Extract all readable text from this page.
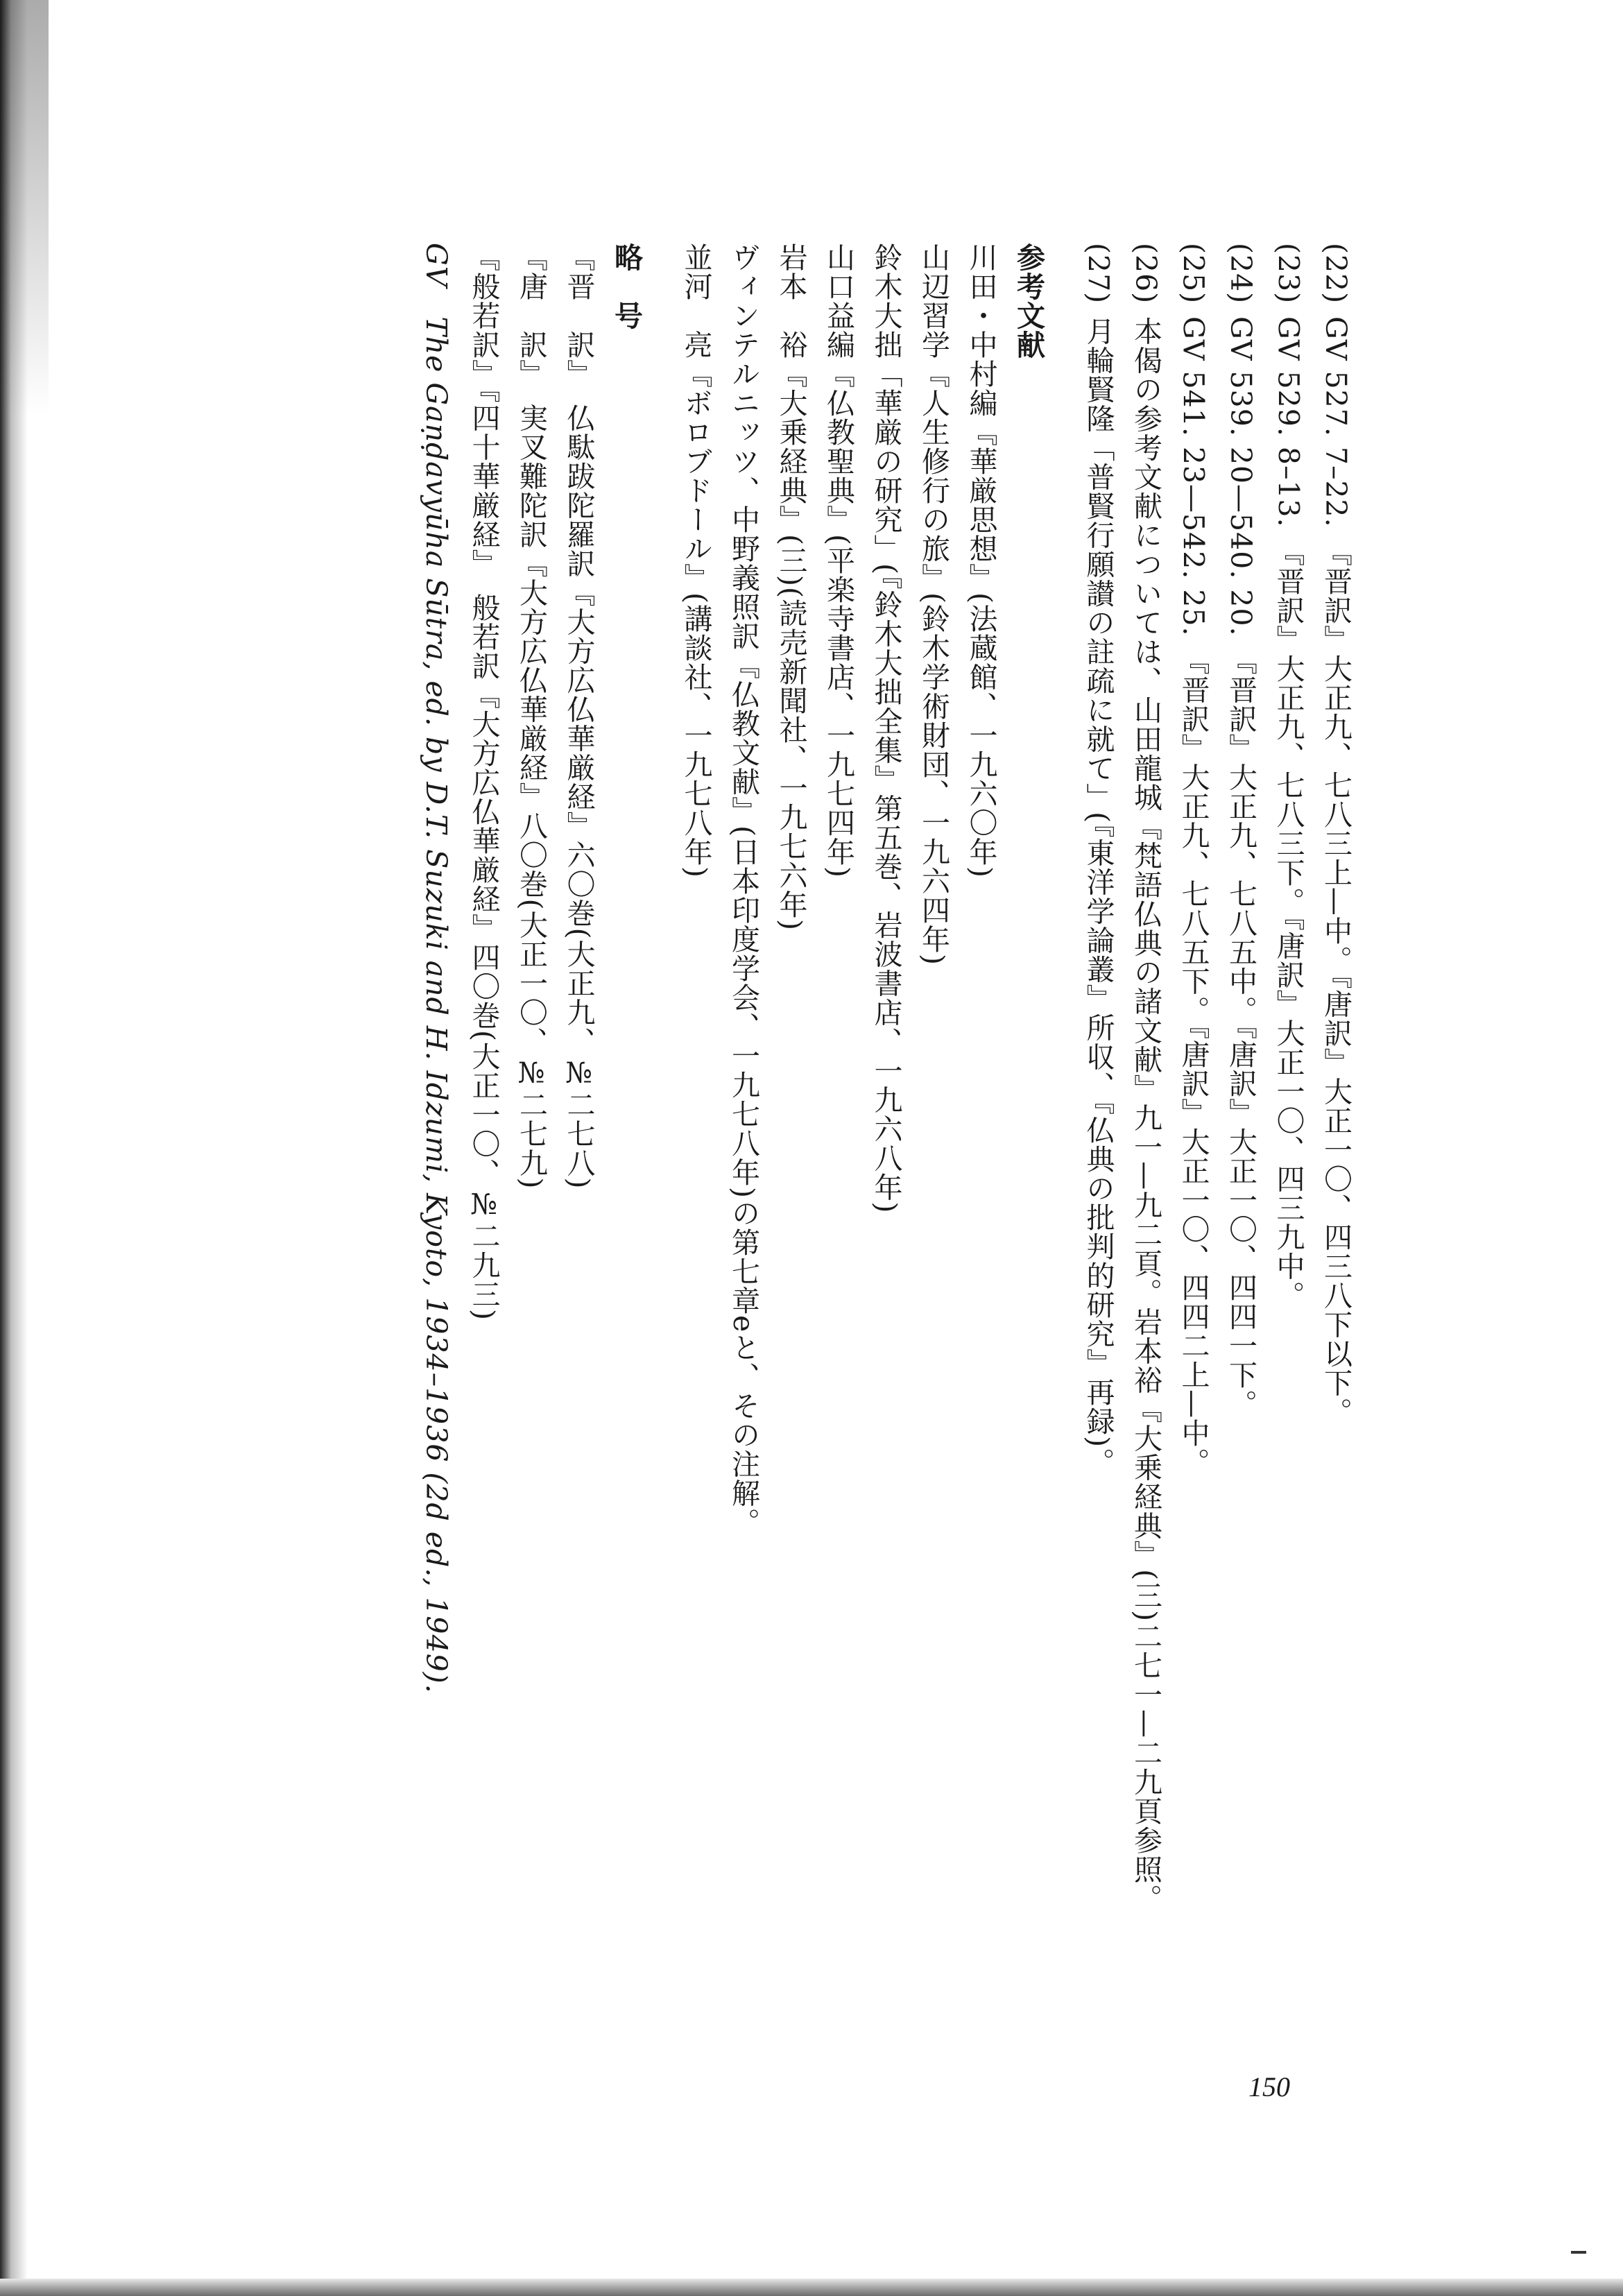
(22)GV 527. 7–22. 『晋訳』大正九、七八三上—中。『唐訳』大正一〇、四三八下以下。
(23)GV 529. 8–13. 『晋訳』大正九、七八三下。『唐訳』大正一〇、四三九中。
(24)GV 539. 20—540. 20. 『晋訳』大正九、七八五中。『唐訳』大正一〇、四四一下。
(25)GV 541. 23—542. 25. 『晋訳』大正九、七八五下。『唐訳』大正一〇、四四二上—中。
(26)本偈の参考文献については、山田龍城『梵語仏典の諸文献』九一—九二頁。岩本裕『大乗経典』(三)二七一—二九頁参照。
(27)月輪賢隆「普賢行願讃の註疏に就て」(『東洋学論叢』所収、『仏典の批判的研究』再録)。
参考文献
川田・中村編『華厳思想』(法蔵館、一九六〇年)
山辺習学『人生修行の旅』(鈴木学術財団、一九六四年)
鈴木大拙「華厳の研究」(『鈴木大拙全集』第五巻、岩波書店、一九六八年)
山口益編『仏教聖典』(平楽寺書店、一九七四年)
岩本　裕『大乗経典』(三)(読売新聞社、一九七六年)
ヴィンテルニッツ、中野義照訳『仏教文献』(日本印度学会、一九七八年)の第七章eと、その注解。
並河　亮『ボロブドール』(講談社、一九七八年)
略　号
『晋　訳』　仏駄跋陀羅訳『大方広仏華厳経』六〇巻(大正九、№二七八)
『唐　訳』　実叉難陀訳『大方広仏華厳経』八〇巻(大正一〇、№二七九)
『般若訳』『四十華厳経』　般若訳『大方広仏華厳経』四〇巻(大正一〇、№二九三)
GV　The Gaṇḍavyūha Sūtra, ed. by D.T. Suzuki and H. Idzumi, Kyoto, 1934–1936 (2d ed., 1949).
150
